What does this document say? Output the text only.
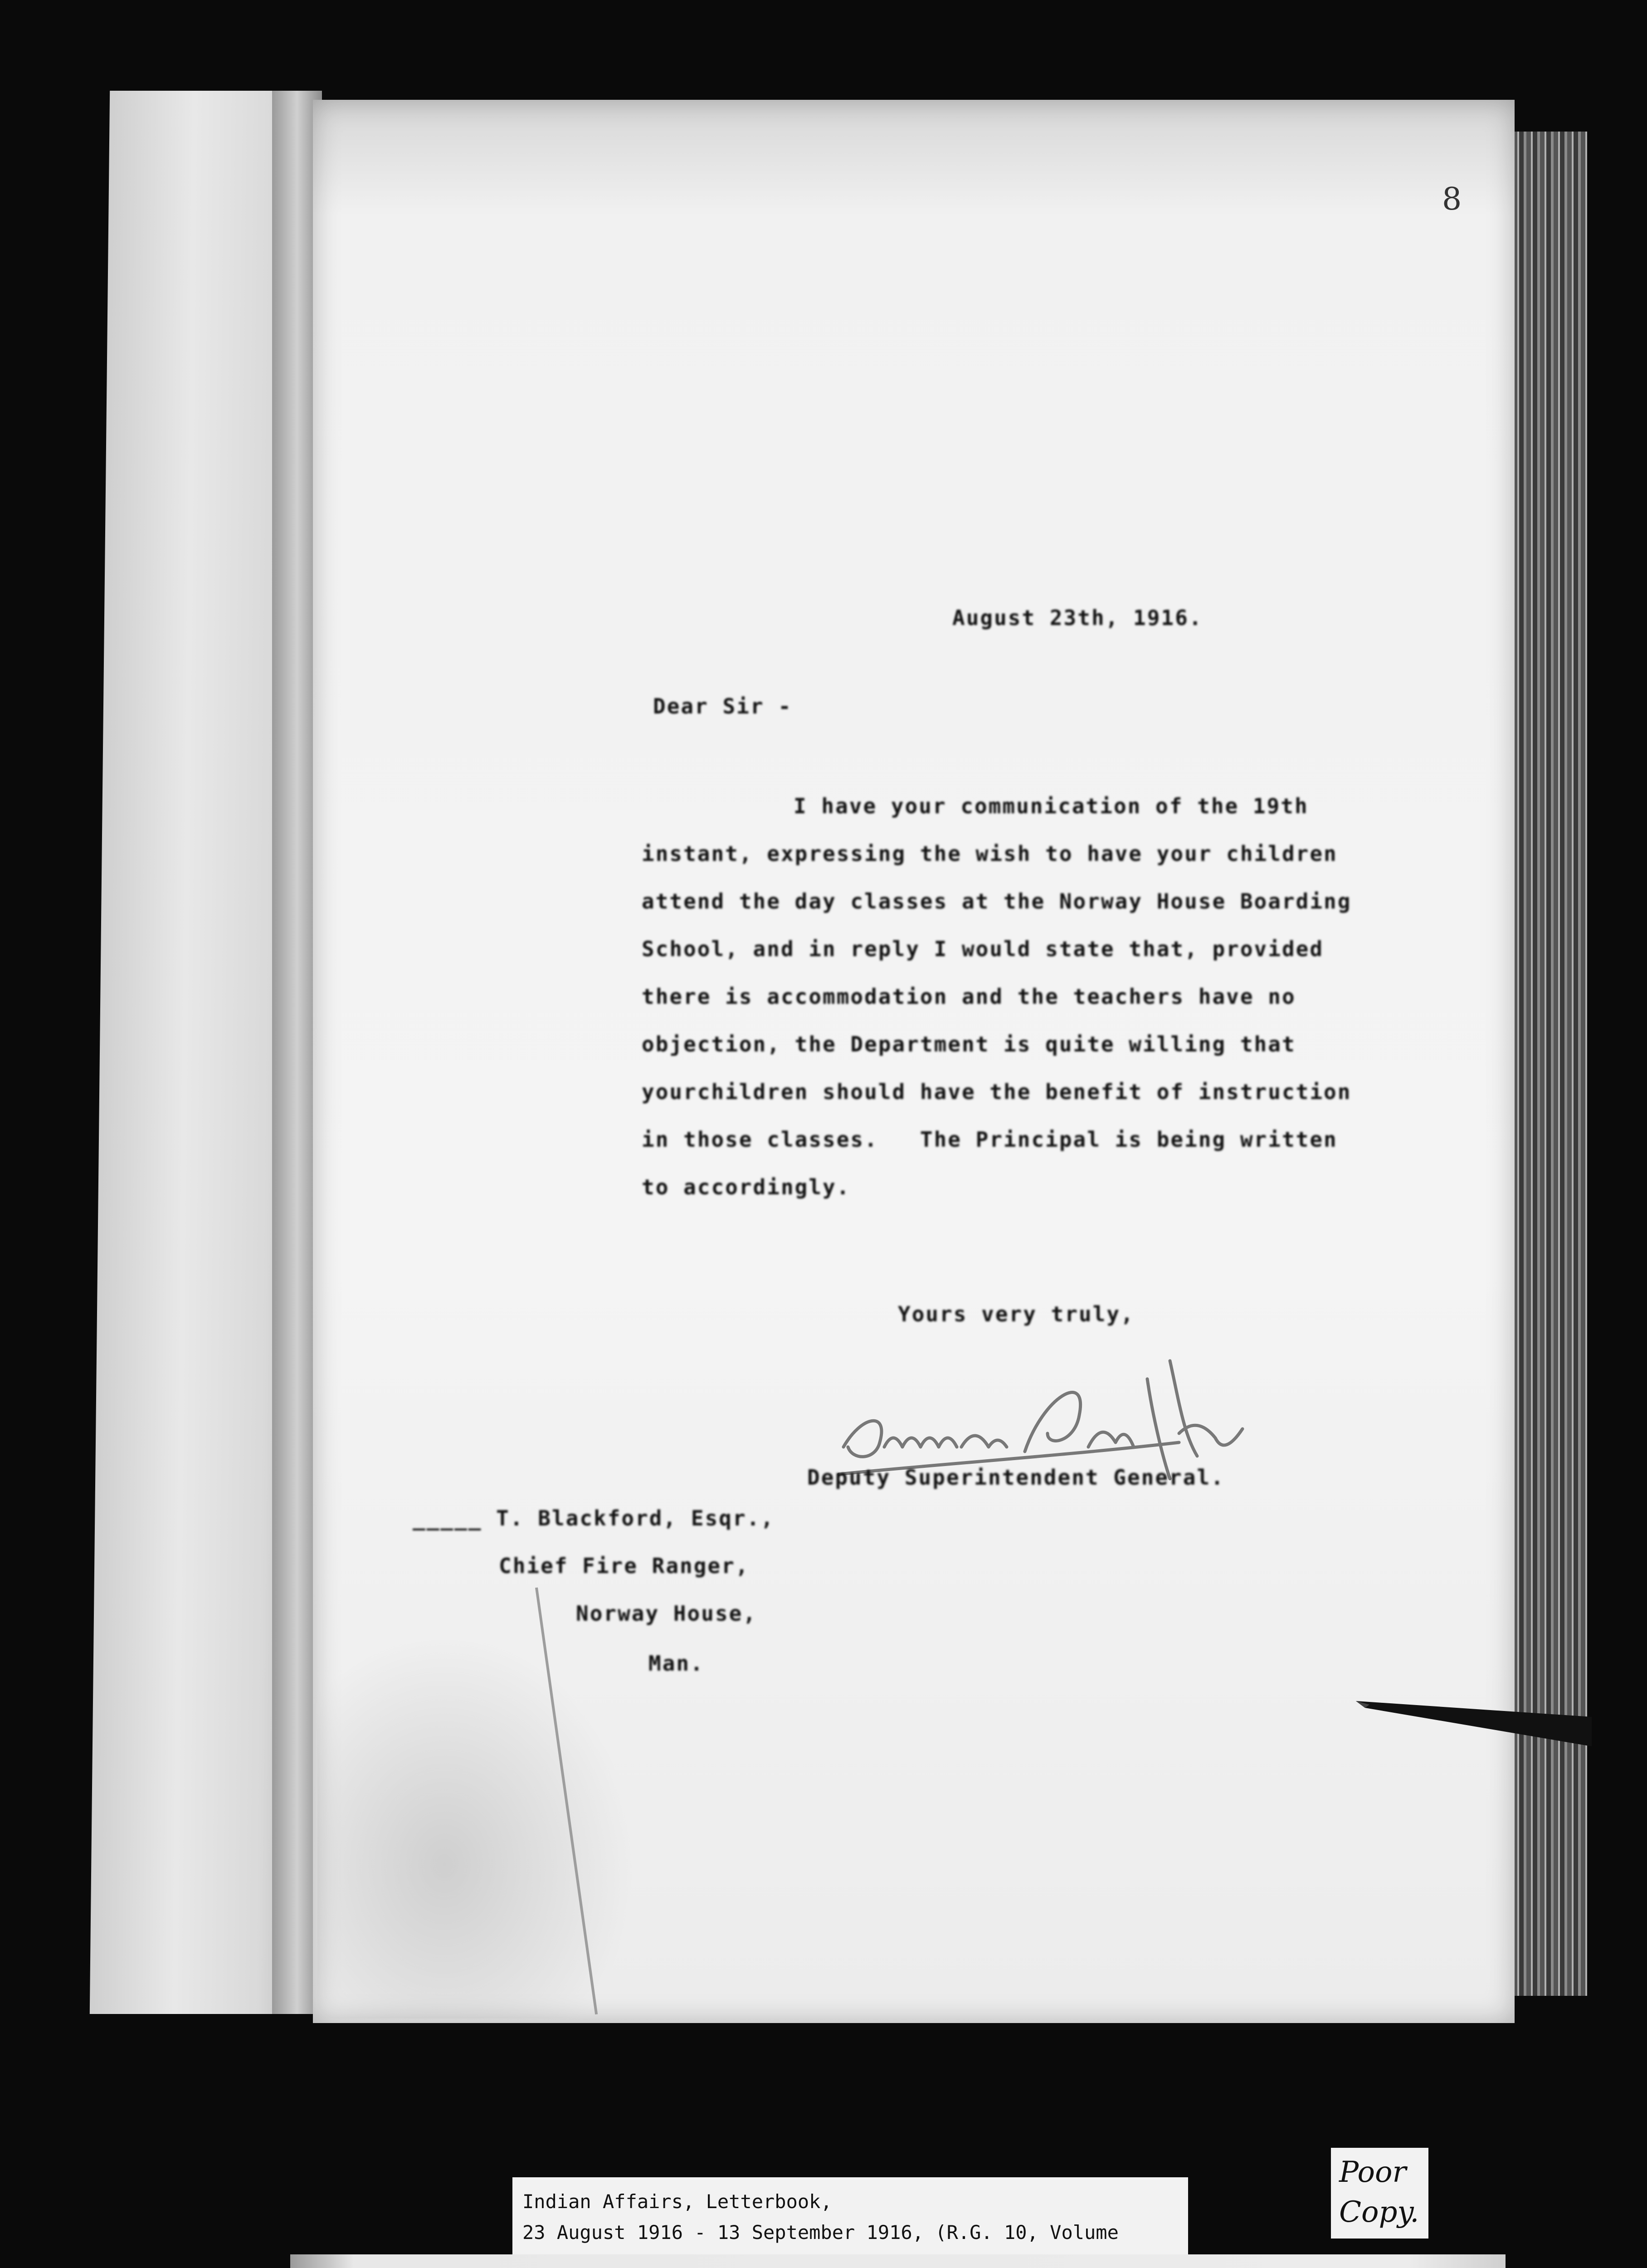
8
August 23th, 1916.
Dear Sir -
I have your communication of the 19th
instant, expressing the wish to have your children
attend the day classes at the Norway House Boarding
School, and in reply I would state that, provided
there is accommodation and the teachers have no
objection, the Department is quite willing that
yourchildren should have the benefit of instruction
in those classes.   The Principal is being written
to accordingly.
Yours very truly,
Deputy Superintendent General.
_____ T. Blackford, Esqr.,
Chief Fire Ranger,
Norway House,
Man.
Indian Affairs, Letterbook,
23 August 1916 - 13 September 1916, (R.G. 10, Volume
Poor
Copy.
